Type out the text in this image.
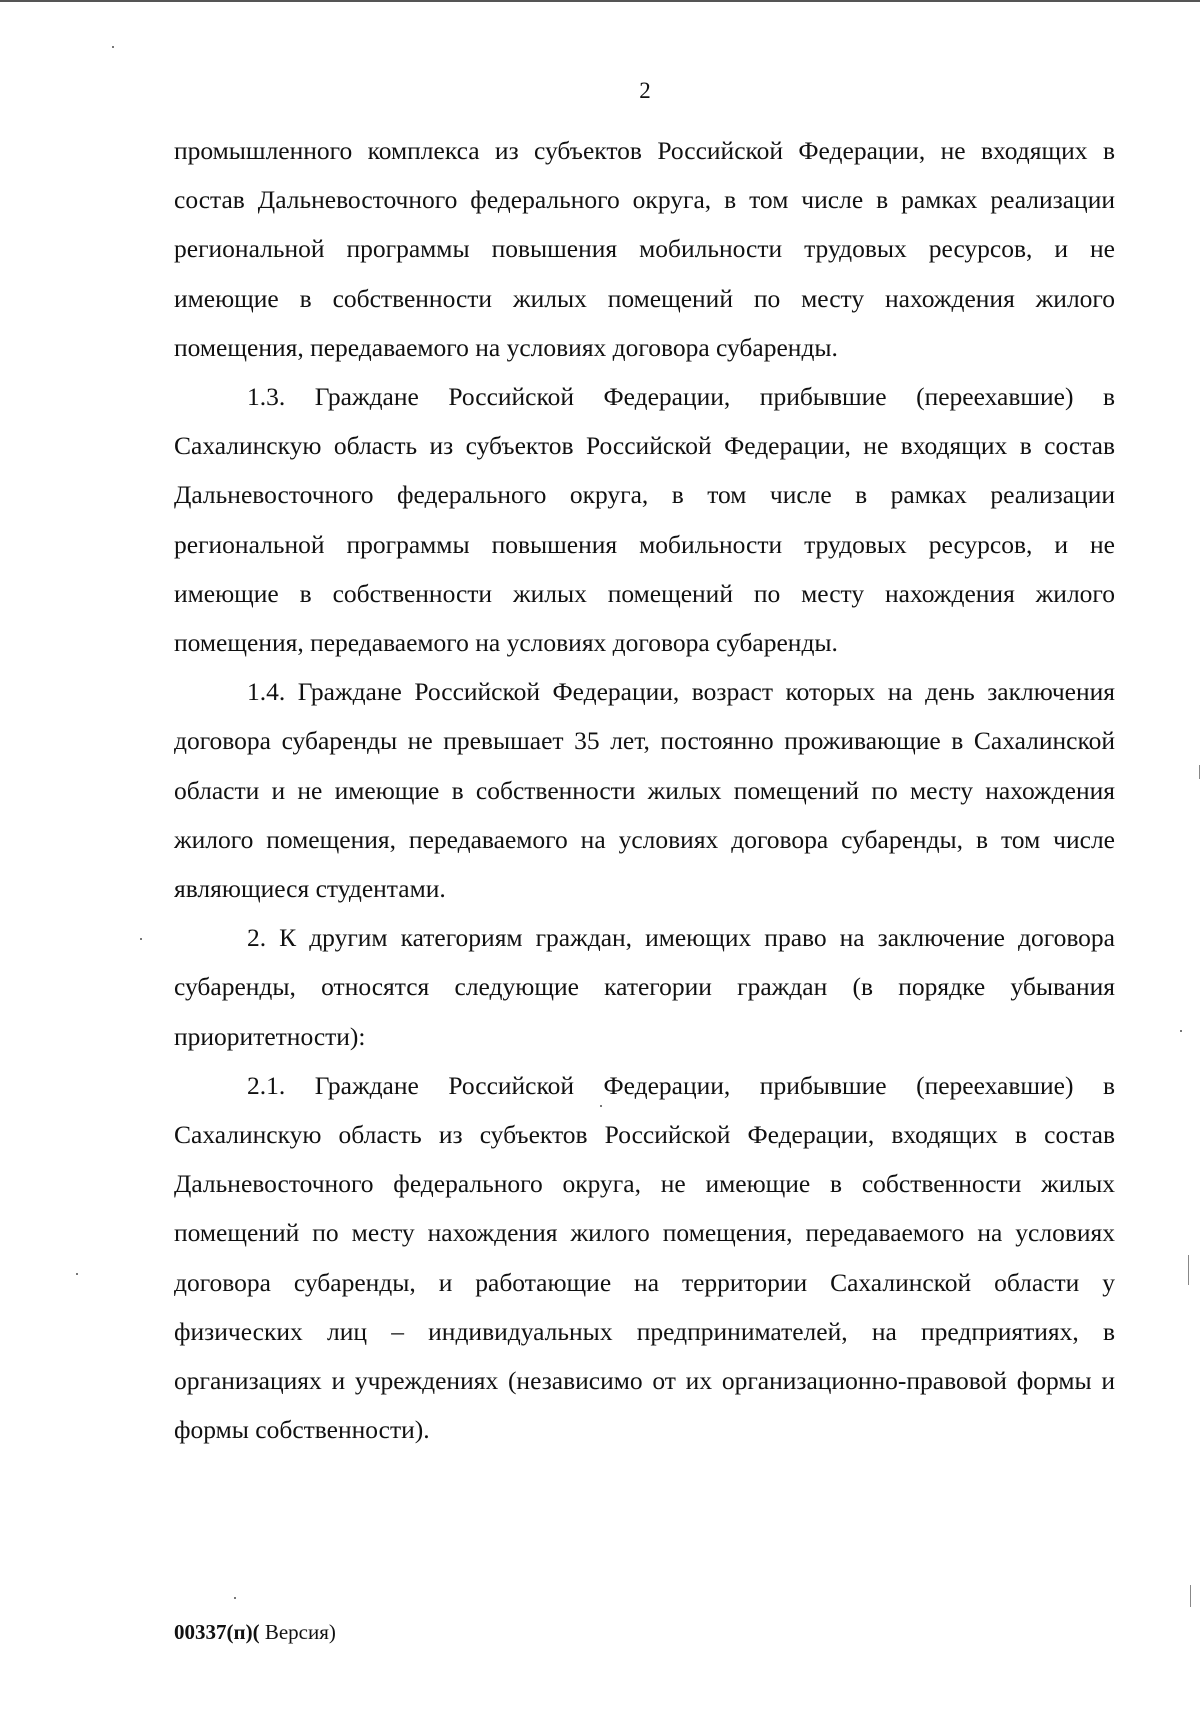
2

промышленного комплекса из субъектов Российской Федерации, не входящих в состав Дальневосточного федерального округа, в том числе в рамках реализации региональной программы повышения мобильности трудовых ресурсов, и не имеющие в собственности жилых помещений по месту нахождения жилого помещения, передаваемого на условиях договора субаренды.

1.3. Граждане Российской Федерации, прибывшие (переехавшие) в Сахалинскую область из субъектов Российской Федерации, не входящих в состав Дальневосточного федерального округа, в том числе в рамках реализации региональной программы повышения мобильности трудовых ресурсов, и не имеющие в собственности жилых помещений по месту нахождения жилого помещения, передаваемого на условиях договора субаренды.

1.4. Граждане Российской Федерации, возраст которых на день заключения договора субаренды не превышает 35 лет, постоянно проживающие в Сахалинской области и не имеющие в собственности жилых помещений по месту нахождения жилого помещения, передаваемого на условиях договора субаренды, в том числе являющиеся студентами.

2. К другим категориям граждан, имеющих право на заключение договора субаренды, относятся следующие категории граждан (в порядке убывания приоритетности):

2.1. Граждане Российской Федерации, прибывшие (переехавшие) в Сахалинскую область из субъектов Российской Федерации, входящих в состав Дальневосточного федерального округа, не имеющие в собственности жилых помещений по месту нахождения жилого помещения, передаваемого на условиях договора субаренды, и работающие на территории Сахалинской области у физических лиц – индивидуальных предпринимателей, на предприятиях, в организациях и учреждениях (независимо от их организационно-правовой формы и формы собственности).

00337(п)( Версия)
